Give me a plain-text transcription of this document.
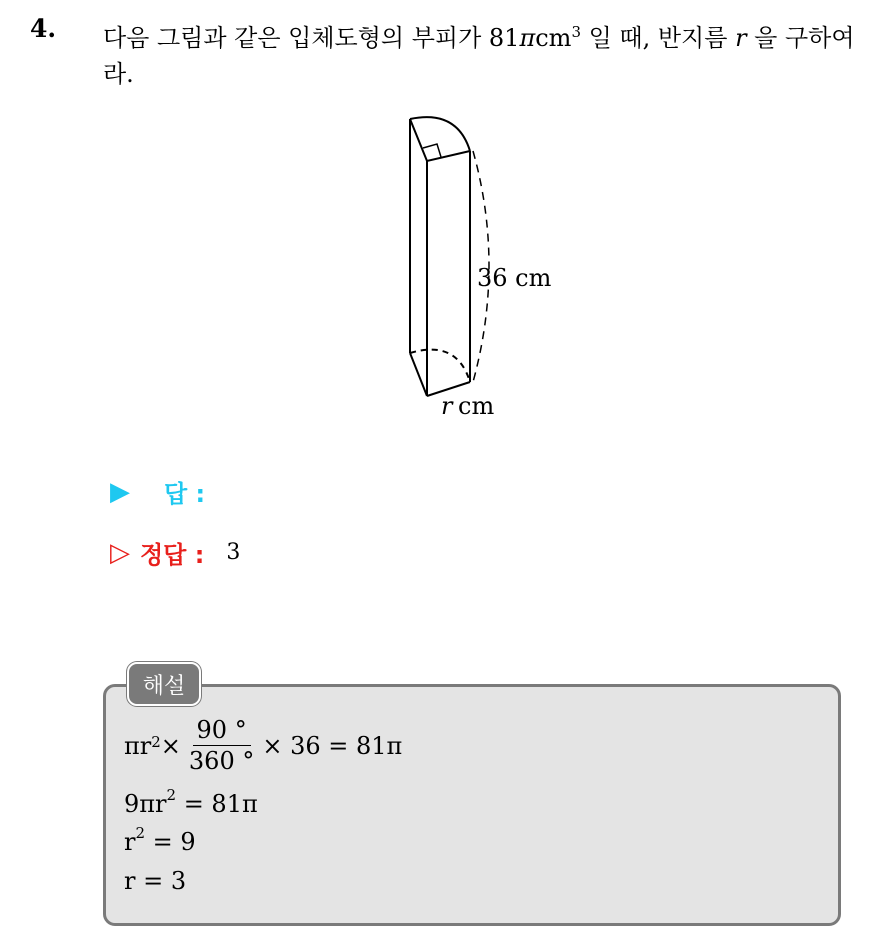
4. 다음 그림과 같은 입체도형의 부피가 81πcm$^3$ 일 때, 반지름 r 을 구하여라.
36 cm
r cm
▶ 답 :
▷ 정답 : 3
해설
$\pi r^2 \times \frac{90 ^\circ}{360 ^\circ} \times 36 = 81\pi$
$9\pi r^2 = 81\pi$
$r^2 = 9$
r = 3
